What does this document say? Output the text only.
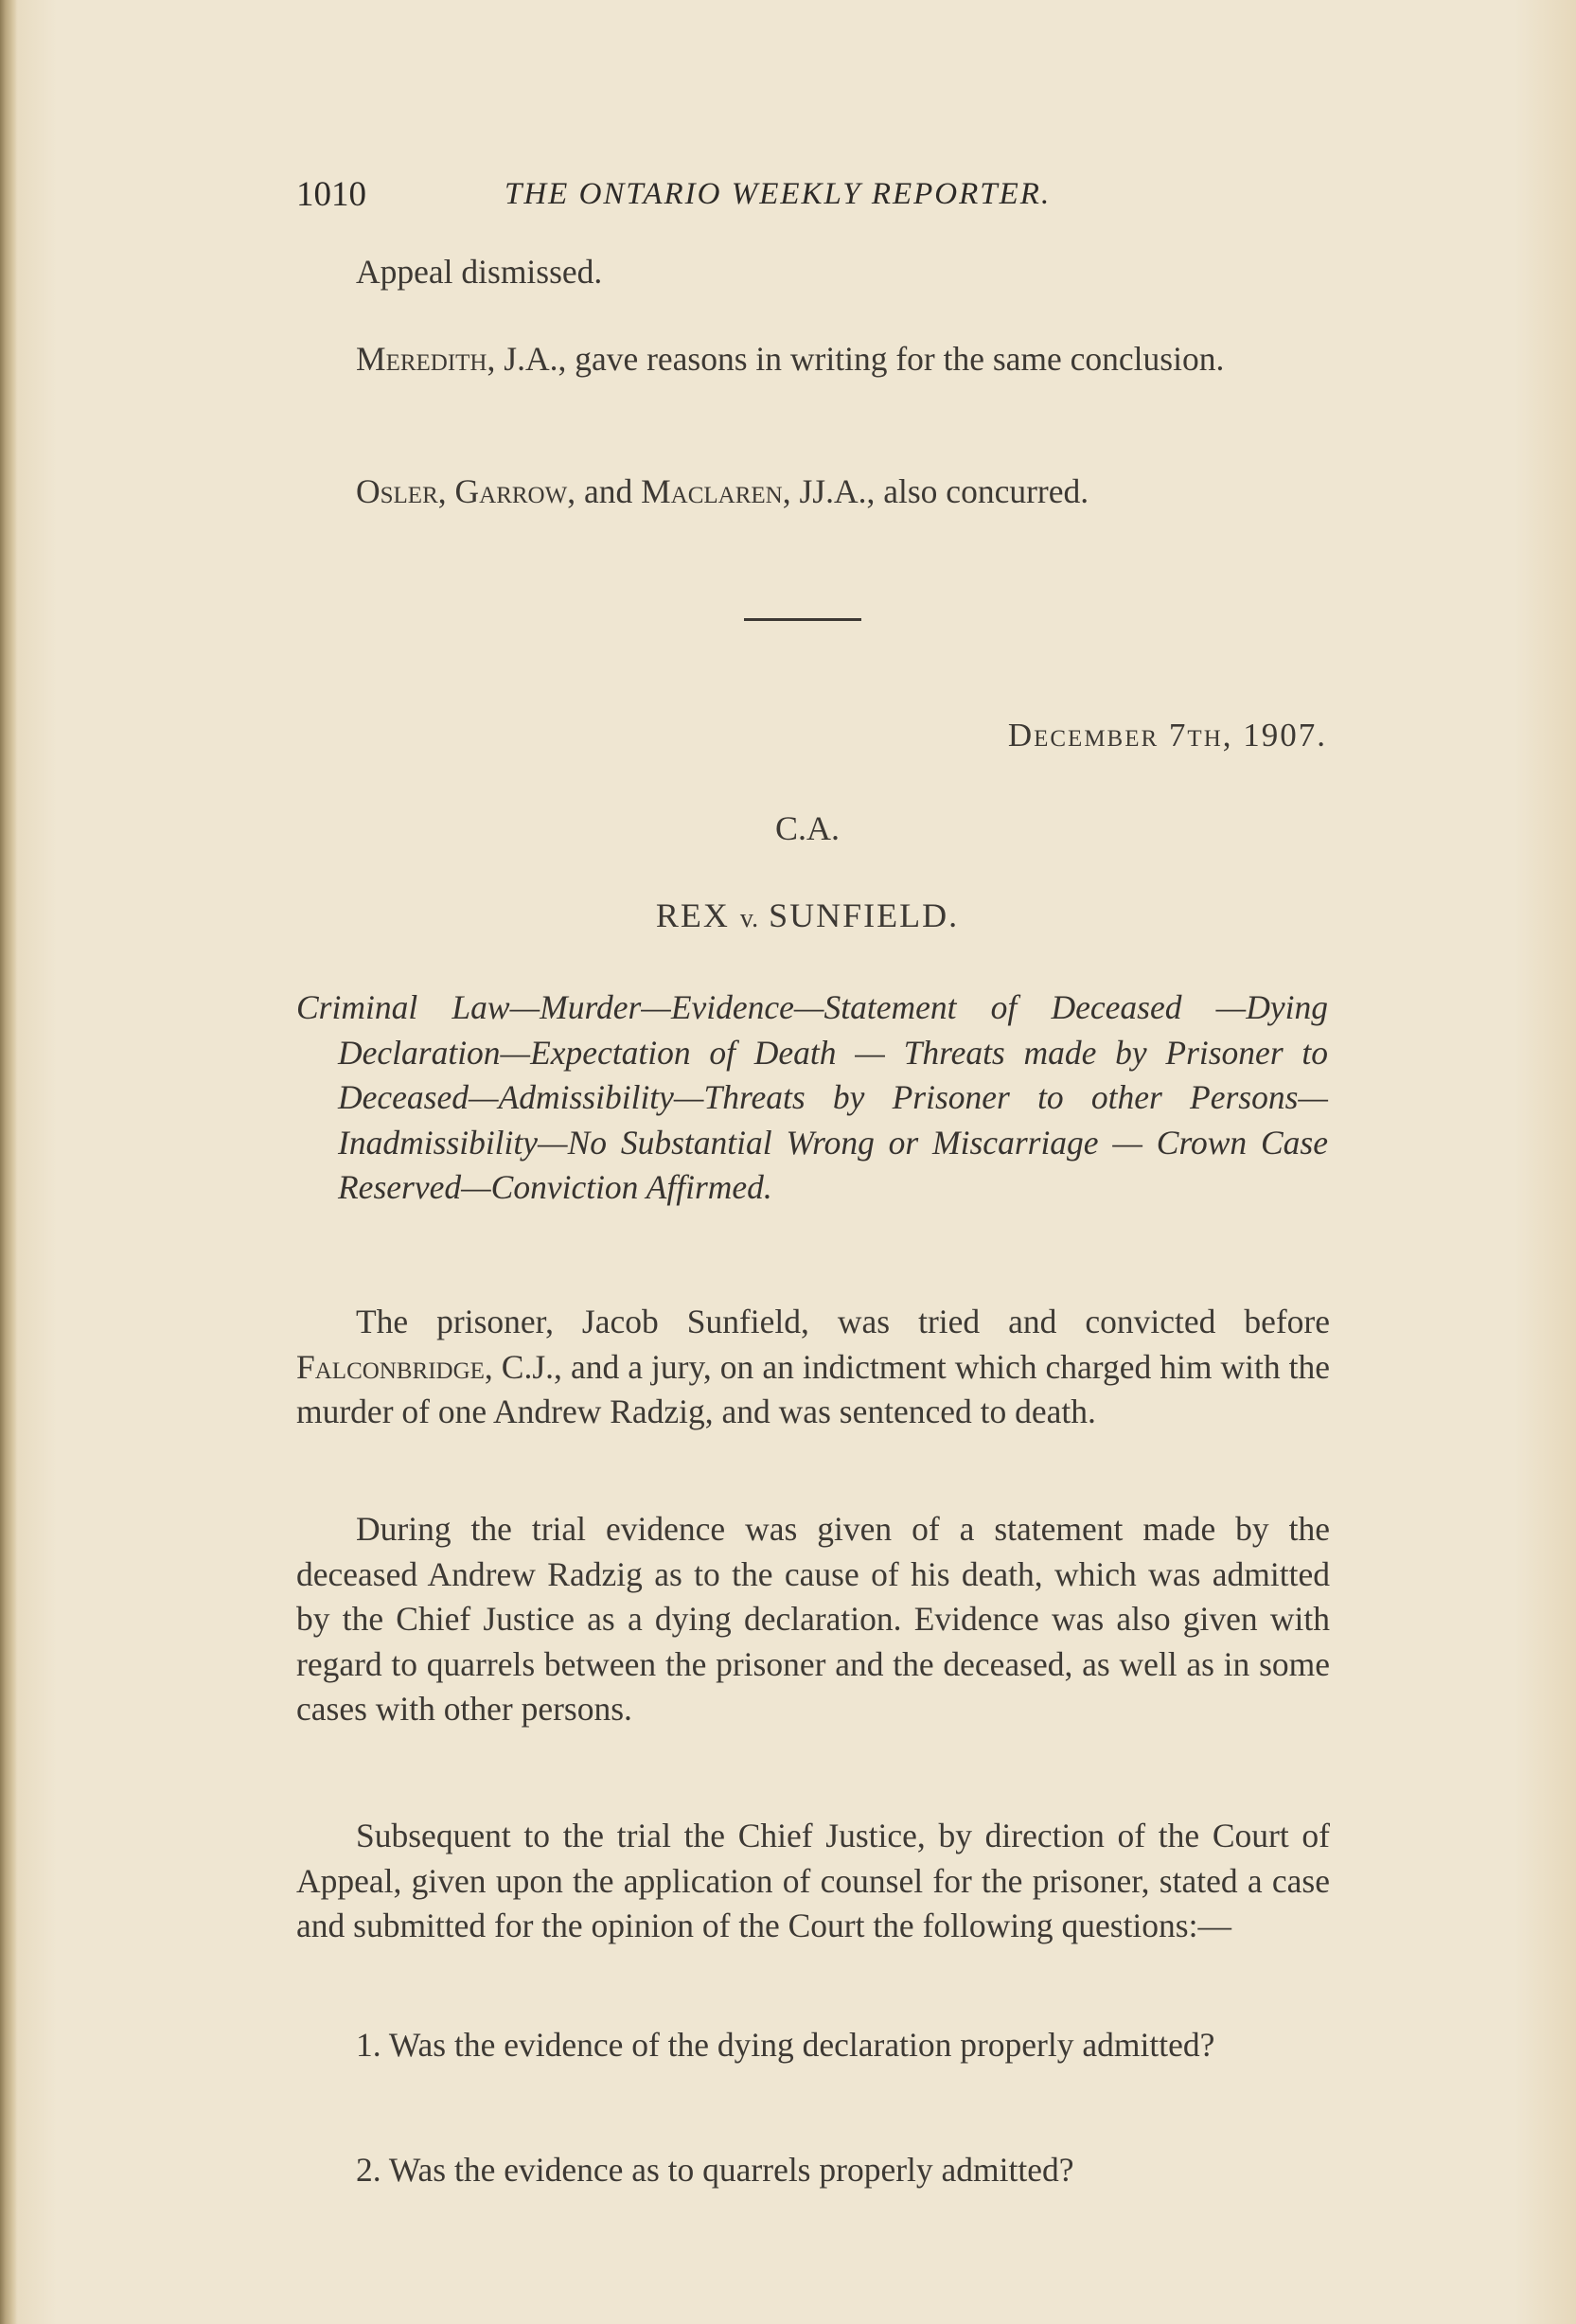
1010	THE ONTARIO WEEKLY REPORTER.
Appeal dismissed.
Meredith, J.A., gave reasons in writing for the same conclusion.
Osler, Garrow, and Maclaren, JJ.A., also concurred.
December 7th, 1907.
C.A.
REX v. SUNFIELD.
Criminal Law—Murder—Evidence—Statement of Deceased —Dying Declaration—Expectation of Death — Threats made by Prisoner to Deceased—Admissibility—Threats by Prisoner to other Persons—Inadmissibility—No Substantial Wrong or Miscarriage — Crown Case Reserved—Conviction Affirmed.
The prisoner, Jacob Sunfield, was tried and convicted before Falconbridge, C.J., and a jury, on an indictment which charged him with the murder of one Andrew Radzig, and was sentenced to death.
During the trial evidence was given of a statement made by the deceased Andrew Radzig as to the cause of his death, which was admitted by the Chief Justice as a dying declaration. Evidence was also given with regard to quarrels between the prisoner and the deceased, as well as in some cases with other persons.
Subsequent to the trial the Chief Justice, by direction of the Court of Appeal, given upon the application of counsel for the prisoner, stated a case and submitted for the opinion of the Court the following questions:—
1. Was the evidence of the dying declaration properly admitted?
2. Was the evidence as to quarrels properly admitted?
